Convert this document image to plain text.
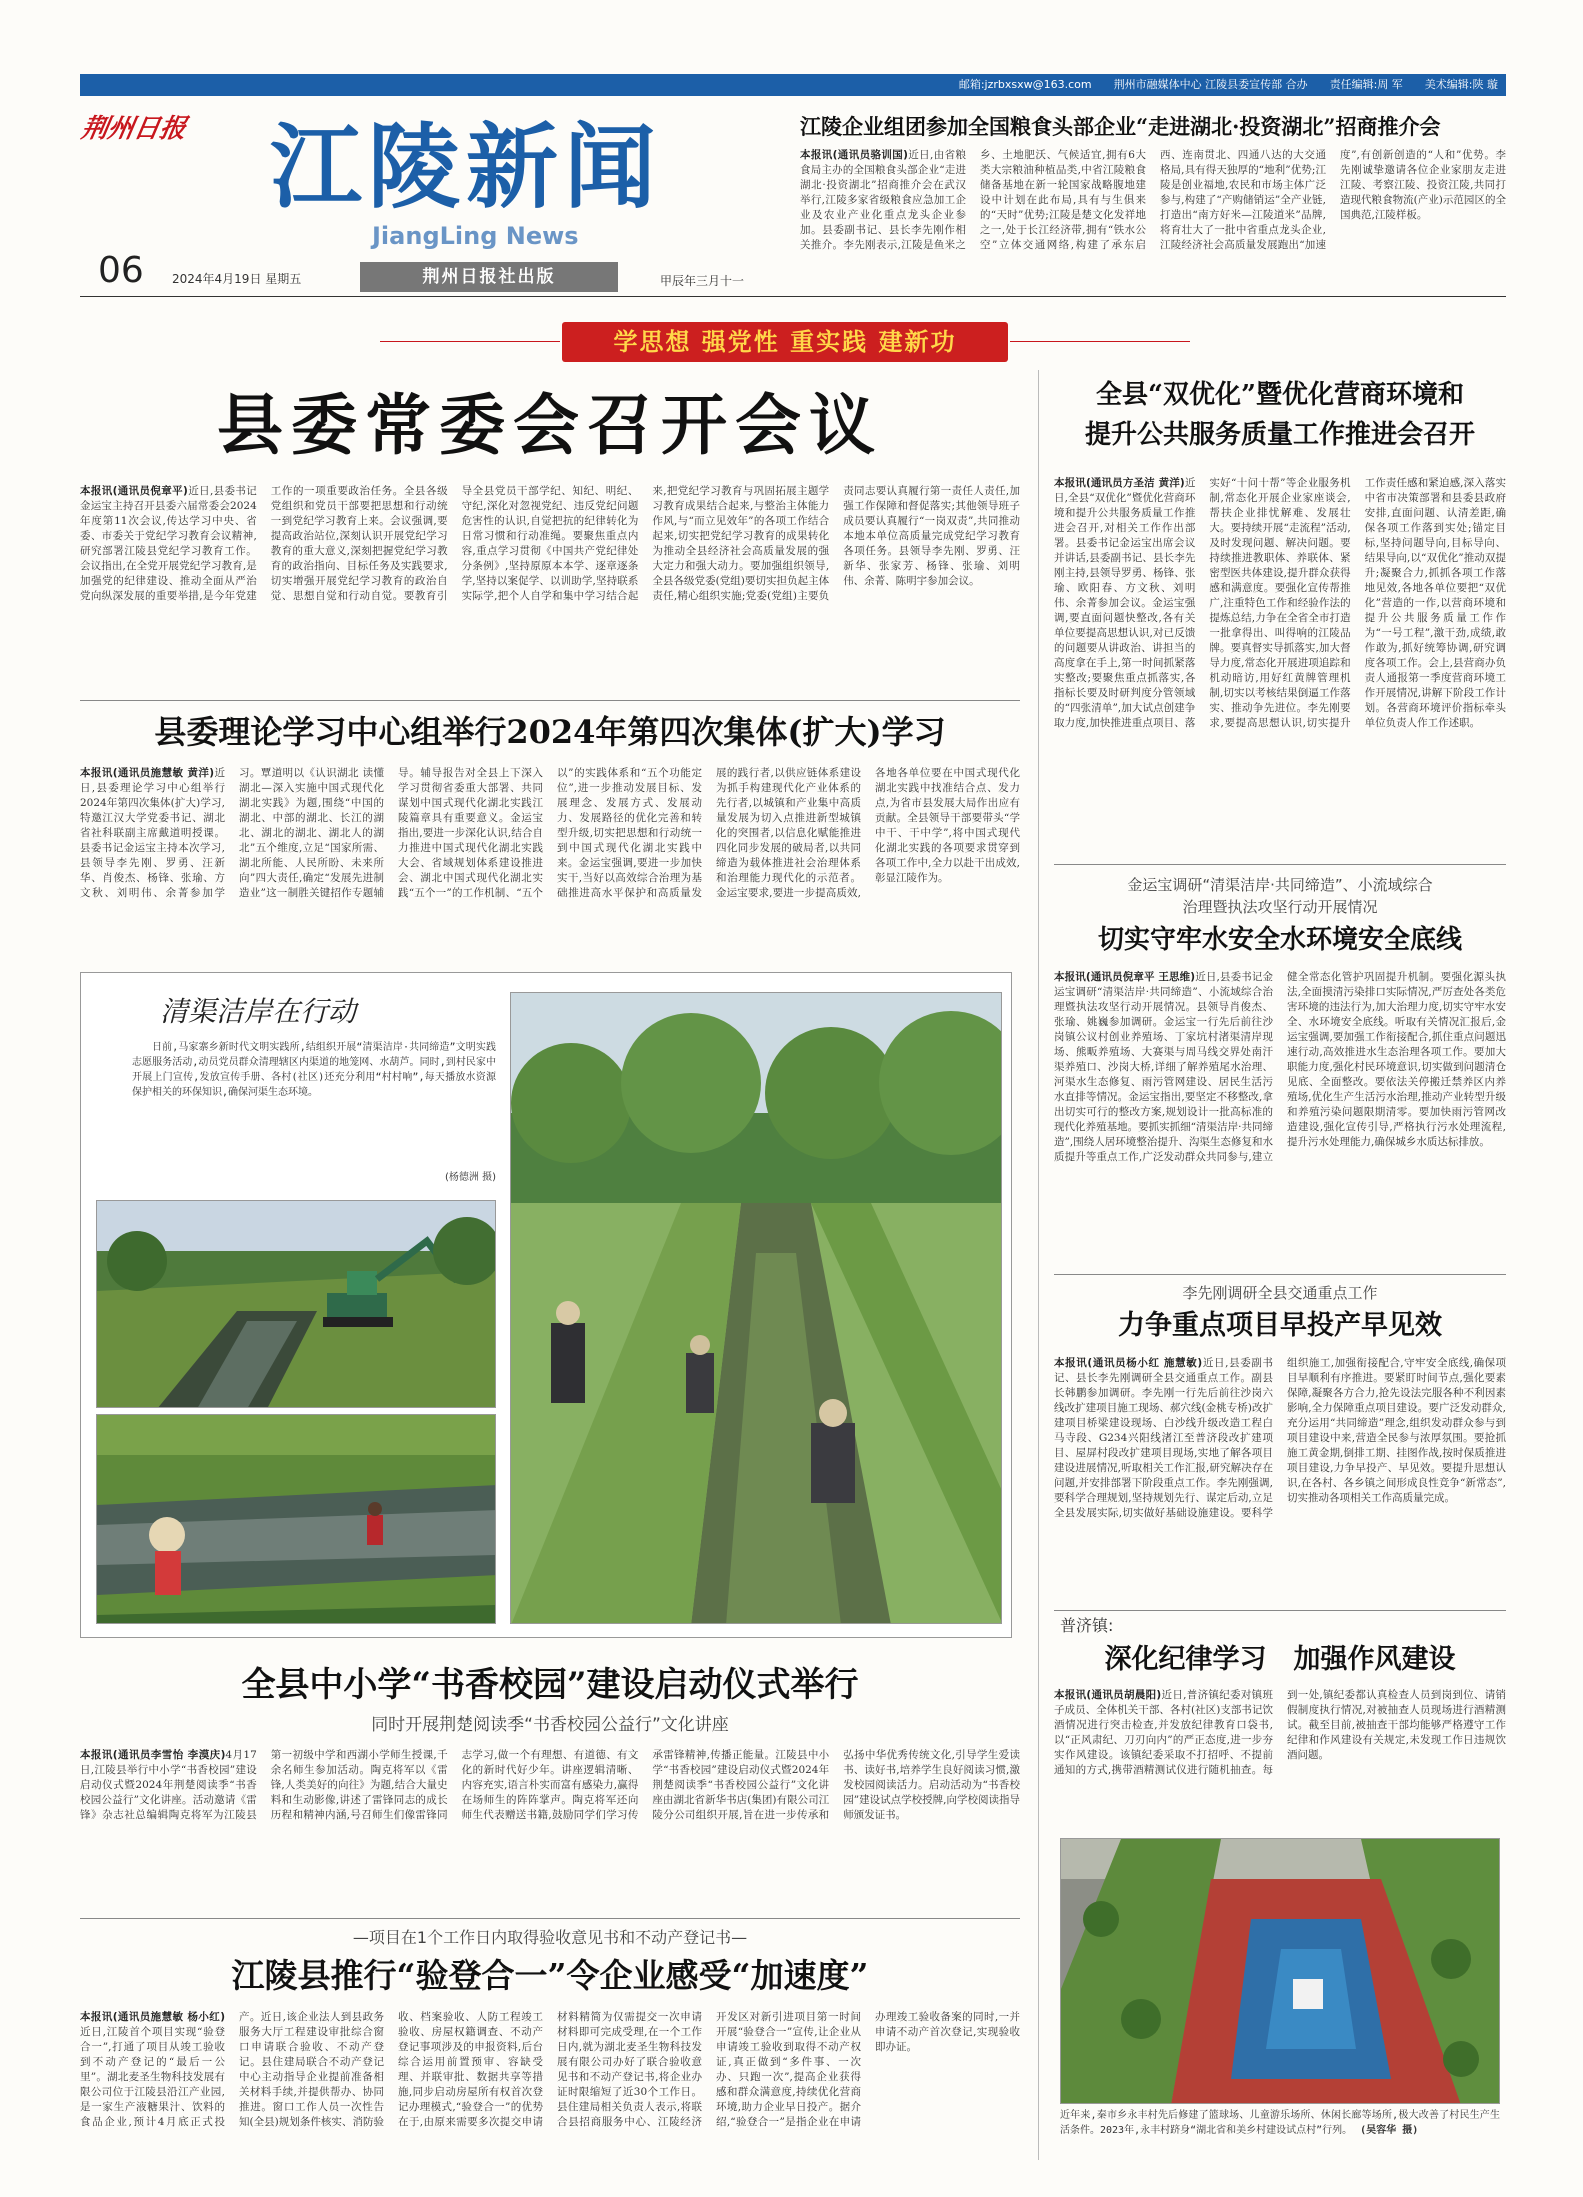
邮箱:jzrbxsxw@163.com　　荆州市融媒体中心 江陵县委宣传部 合办　　责任编辑:周 军　　美术编辑:陕 璇
荆州日报 江陵新闻
JiangLing News
06	2024年4月19日 星期五	荆州日报社出版	甲辰年三月十一
江陵企业组团参加全国粮食头部企业“走进湖北·投资湖北”招商推介会

本报讯(通讯员骆训国)近日,由省粮食局主办的全国粮食头部企业“走进湖北·投资湖北”招商推介会在武汉举行,江陵多家省级粮食应急加工企业及农业产业化重点龙头企业参加。县委副书记、县长李先刚作相关推介。李先刚表示,江陵是鱼米之乡、土地肥沃、气候适宜,拥有6大类大宗粮油种植品类,中省江陵粮食储备基地在新一轮国家战略腹地建设中计划在此布局,具有与生俱来的“天时”优势;江陵是楚文化发祥地之一,处于长江经济带,拥有“铁水公空”立体交通网络,构建了承东启西、连南贯北、四通八达的大交通格局,具有得天独厚的“地利”优势;江陵是创业福地,农民和市场主体广泛参与,构建了“产购储销运”全产业链,打造出“南方好米—江陵道米”品牌,将育壮大了一批中省重点龙头企业,江陵经济社会高质量发展跑出“加速度”,有创新创造的“人和”优势。李先刚诚挚邀请各位企业家朋友走进江陵、考察江陵、投资江陵,共同打造现代粮食物流(产业)示范园区的全国典范,江陵样板。

学思想 强党性 重实践 建新功
县委常委会召开会议

本报讯(通讯员倪章平)近日,县委书记金运宝主持召开县委六届常委会2024年度第11次会议,传达学习中央、省委、市委关于党纪学习教育会议精神,研究部署江陵县党纪学习教育工作。会议指出,在全党开展党纪学习教育,是加强党的纪律建设、推动全面从严治党向纵深发展的重要举措,是今年党建工作的一项重要政治任务。全县各级党组织和党员干部要把思想和行动统一到党纪学习教育上来。会议强调,要提高政治站位,深刻认识开展党纪学习教育的重大意义,深刻把握党纪学习教育的政治指向、目标任务及实践要求,切实增强开展党纪学习教育的政治自觉、思想自觉和行动自觉。要教育引导全县党员干部学纪、知纪、明纪、守纪,深化对忽视党纪、违反党纪问题危害性的认识,自觉把抗的纪律转化为日常习惯和行动准绳。要聚焦重点内容,重点学习贯彻《中国共产党纪律处分条例》,坚持原原本本学、逐章逐条学,坚持以案促学、以训助学,坚持联系实际学,把个人自学和集中学习结合起来,把党纪学习教育与巩固拓展主题学习教育成果结合起来,与整治主体能力作风,与“而立见效年”的各项工作结合起来,切实把党纪学习教育的成果转化为推动全县经济社会高质量发展的强大定力和强大动力。要加强组织领导,全县各级党委(党组)要切实担负起主体责任,精心组织实施;党委(党组)主要负责同志要认真履行第一责任人责任,加强工作保障和督促落实;其他领导班子成员要认真履行“一岗双责”,共同推动本地本单位高质量完成党纪学习教育各项任务。县领导李先刚、罗勇、汪新华、张家芳、杨锋、张瑜、刘明伟、余菁、陈明宇参加会议。

县委理论学习中心组举行2024年第四次集体(扩大)学习

本报讯(通讯员施慧敏 黄洋)近日,县委理论学习中心组举行2024年第四次集体(扩大)学习,特邀江汉大学党委书记、湖北省社科联副主席戴道明授课。县委书记金运宝主持本次学习,县领导李先刚、罗勇、汪新华、肖俊杰、杨锋、张瑜、方文秋、刘明伟、余菁参加学习。覃道明以《认识湖北 读懂湖北—深入实施中国式现代化湖北实践》为题,围绕“中国的湖北、中部的湖北、长江的湖北、湖北的湖北、湖北人的湖北”五个维度,立足“国家所需、湖北所能、人民所盼、未来所向”四大责任,确定“发展先进制造业”这一制胜关键招作专题辅导。辅导报告对全县上下深入学习贯彻省委重大部署、共同谋划中国式现代化湖北实践江陵篇章具有重要意义。金运宝指出,要进一步深化认识,结合自力推进中国式现代化湖北实践大会、省域规划体系建设推进会、湖北中国式现代化湖北实践“五个一”的工作机制、“五个以”的实践体系和“五个功能定位”,进一步推动发展目标、发展理念、发展方式、发展动力、发展路径的优化完善和转型升级,切实把思想和行动统一到中国式现代化湖北实践中来。金运宝强调,要进一步加快实干,当好以高效综合治理为基础推进高水平保护和高质量发展的践行者,以供应链体系建设为抓手构建现代化产业体系的先行者,以城镇和产业集中高质量发展为切入点推进新型城镇化的突围者,以信息化赋能推进四化同步发展的破局者,以共同缔造为载体推进社会治理体系和治理能力现代化的示范者。金运宝要求,要进一步提高质效,各地各单位要在中国式现代化湖北实践中找准结合点、发力点,为省市县发展大局作出应有贡献。全县领导干部要带头“学中干、干中学”,将中国式现代化湖北实践的各项要求贯穿到各项工作中,全力以赴干出成效,彰显江陵作为。

清渠洁岸在行动

日前,马家寨乡新时代文明实践所,结组织开展“清渠洁岸·共同缔造”文明实践志愿服务活动,动员党员群众清理辖区内渠道的地笼网、水葫芦。同时,到村民家中开展上门宣传,发放宣传手册、各村(社区)还充分利用“村村响”,每天播放水资源保护相关的环保知识,确保河渠生态环境。

(杨德洲 摄)
全县中小学“书香校园”建设启动仪式举行
同时开展荆楚阅读季“书香校园公益行”文化讲座

本报讯(通讯员李雪怡 李漠庆)4月17日,江陵县举行中小学“书香校园”建设启动仪式暨2024年荆楚阅读季“书香校园公益行”文化讲座。活动邀请《雷锋》杂志社总编辑陶克将军为江陵县第一初级中学和西湖小学师生授课,千余名师生参加活动。陶克将军以《雷锋,人类美好的向往》为题,结合大量史料和生动影像,讲述了雷锋同志的成长历程和精神内涵,号召师生们像雷锋同志学习,做一个有理想、有道德、有文化的新时代好少年。讲座逻辑清晰、内容充实,语言朴实而富有感染力,赢得在场师生的阵阵掌声。陶克将军还向师生代表赠送书籍,鼓励同学们学习传承雷锋精神,传播正能量。江陵县中小学“书香校园”建设启动仪式暨2024年荆楚阅读季“书香校园公益行”文化讲座由湖北省新华书店(集团)有限公司江陵分公司组织开展,旨在进一步传承和弘扬中华优秀传统文化,引导学生爱读书、读好书,培养学生良好阅读习惯,激发校园阅读活力。启动活动为“书香校园”建设试点学校授牌,向学校阅读指导师颁发证书。

—项目在1个工作日内取得验收意见书和不动产登记书—
江陵县推行“验登合一”令企业感受“加速度”

本报讯(通讯员施慧敏 杨小红)近日,江陵首个项目实现“验登合一”,打通了项目从竣工验收到不动产登记的“最后一公里”。湖北麦圣生物科技发展有限公司位于江陵县沿江产业园,是一家生产液糖果汁、饮料的食品企业,预计4月底正式投产。近日,该企业法人到县政务服务大厅工程建设审批综合窗口申请联合验收、不动产登记。县住建局联合不动产登记中心主动指导企业提前准备相关材料手续,并提供帮办、协同推进。窗口工作人员一次性告知(全县)规划条件核实、消防验收、档案验收、人防工程竣工验收、房屋权籍调查、不动产登记事项涉及的申报资料,后台综合运用前置预审、容缺受理、并联审批、数据共享等措施,同步启动房屋所有权首次登记办理模式,“验登合一”的优势在于,由原来需要多次提交申请材料精简为仅需提交一次申请材料即可完成受理,在一个工作日内,就为湖北麦圣生物科技发展有限公司办好了联合验收意见书和不动产登记书,将企业办证时限缩短了近30个工作日。县住建局相关负责人表示,将联合县招商服务中心、江陵经济开发区对新引进项目第一时间开展“验登合一”宣传,让企业从申请竣工验收到取得不动产权证,真正做到“多件事、一次办、只跑一次”,提高企业获得感和群众满意度,持续优化营商环境,助力企业早日投产。据介绍,“验登合一”是指企业在申请办理竣工验收备案的同时,一并申请不动产首次登记,实现验收即办证。

全县“双优化”暨优化营商环境和
提升公共服务质量工作推进会召开

本报讯(通讯员方圣洁 黄洋)近日,全县“双优化”暨优化营商环境和提升公共服务质量工作推进会召开,对相关工作作出部署。县委书记金运宝出席会议并讲话,县委副书记、县长李先刚主持,县领导罗勇、杨锋、张瑜、欧阳春、方文秋、刘明伟、余菁参加会议。金运宝强调,要直面问题快整改,各有关单位要提高思想认识,对已反馈的问题要从讲政治、讲担当的高度拿在手上,第一时间抓紧落实整改;要聚焦重点抓落实,各指标长要及时研判度分管领域的“四张清单”,加大试点创建争取力度,加快推进重点项目、落实好“十问十帮”等企业服务机制,常态化开展企业家座谈会,帮扶企业排忧解难、发展壮大。要持续开展“走流程”活动,及时发现问题、解决问题。要持续推进教职体、养联体、紧密型医共体建设,提升群众获得感和满意度。要强化宣传帮推广,注重特色工作和经验作法的提炼总结,力争在全省全市打造一批拿得出、叫得响的江陵品牌。要真督实导抓落实,加大督导力度,常态化开展进项追踪和机动暗访,用好红黄牌管理机制,切实以考核结果倒逼工作落实、推动争先进位。李先刚要求,要提高思想认识,切实提升工作责任感和紧迫感,深入落实中省市决策部署和县委县政府安排,直面问题、认清差距,确保各项工作落到实处;锚定目标,坚持问题导向,目标导向、结果导向,以“双优化”推动双提升;凝聚合力,抓抓各项工作落地见效,各地各单位要把“双优化”营造的一作,以营商环境和提升公共服务质量工作作为“一号工程”,激干劲,成绩,敢作敢为,抓好统筹协调,研究调度各项工作。会上,县营商办负责人通报第一季度营商环境工作开展情况,讲解下阶段工作计划。各营商环境评价指标牵头单位负责人作工作述职。

金运宝调研“清渠洁岸·共同缔造”、小流域综合
治理暨执法攻坚行动开展情况
切实守牢水安全水环境安全底线

本报讯(通讯员倪章平 王思维)近日,县委书记金运宝调研“清渠洁岸·共同缔造”、小流域综合治理暨执法攻坚行动开展情况。县领导肖俊杰、张瑜、姚巍参加调研。金运宝一行先后前往沙岗镇公议村创业养殖场、丁家坑村渚渠清岸现场、熊畈养殖场、大赛渠与周马线交界处南汗渠养殖口、沙岗大桥,详细了解养殖尾水治理、河渠水生态修复、雨污管网建设、居民生活污水直排等情况。金运宝指出,要坚定不移整改,拿出切实可行的整改方案,规划设计一批高标准的现代化养殖基地。要抓实抓细“清渠洁岸·共同缔造”,围绕人居环境整治提升、沟渠生态修复和水质提升等重点工作,广泛发动群众共同参与,建立健全常态化管护巩固提升机制。要强化源头执法,全面摸清污染排口实际情况,严厉查处各类危害环境的违法行为,加大治理力度,切实守牢水安全、水环境安全底线。听取有关情况汇报后,金运宝强调,要加强工作衔接配合,抓住重点问题迅速行动,高效推进水生态治理各项工作。要加大职能力度,强化村民环境意识,切实做到问题清仓见底、全面整改。要依法关停搬迁禁养区内养殖场,优化生产生活污水治理,推动产业转型升级和养殖污染问题限期清零。要加快雨污管网改造建设,强化宣传引导,严格执行污水处理流程,提升污水处理能力,确保城乡水质达标排放。

李先刚调研全县交通重点工作
力争重点项目早投产早见效

本报讯(通讯员杨小红 施慧敏)近日,县委副书记、县长李先刚调研全县交通重点工作。副县长韩鹏参加调研。李先刚一行先后前往沙岗六线改扩建项目施工现场、郝穴线(金桃专桥)改扩建项目桥梁建设现场、白沙线升级改造工程白马寺段、G234兴阳线渚江至普济段改扩建项目、屋屏村段改扩建项目现场,实地了解各项目建设进展情况,听取相关工作汇报,研究解决存在问题,并安排部署下阶段重点工作。李先刚强调,要科学合理规划,坚持规划先行、谋定后动,立足全县发展实际,切实做好基础设施建设。要科学组织施工,加强衔接配合,守牢安全底线,确保项目早顺利有序推进。要紧盯时间节点,强化要素保障,凝聚各方合力,抢先设法完服各种不利因素影响,全力保障重点项目建设。要广泛发动群众,充分运用“共同缔造”理念,组织发动群众参与到项目建设中来,营造全民参与浓厚氛围。要抢抓施工黄金期,倒排工期、挂图作战,按时保质推进项目建设,力争早投产、早见效。要提升思想认识,在各村、各乡镇之间形成良性竞争“新常态”,切实推动各项相关工作高质量完成。

普济镇:
深化纪律学习　加强作风建设

本报讯(通讯员胡晨阳)近日,普济镇纪委对镇班子成员、全体机关干部、各村(社区)支部书记饮酒情况进行突击检查,并发放纪律教育口袋书,以“正风肃纪、刀刃向内”的严正态度,进一步夯实作风建设。该镇纪委采取不打招呼、不提前通知的方式,携带酒精测试仪进行随机抽查。每到一处,镇纪委都认真检查人员到岗到位、请销假制度执行情况,对被抽查人员现场进行酒精测试。截至目前,被抽查干部均能够严格遵守工作纪律和作风建设有关规定,未发现工作日违规饮酒问题。

近年来,秦市乡永丰村先后修建了篮球场、儿童游乐场所、休闲长廊等场所,极大改善了村民生产生活条件。2023年,永丰村跻身“湖北省和美乡村建设试点村”行列。 (吴容华 摄)
